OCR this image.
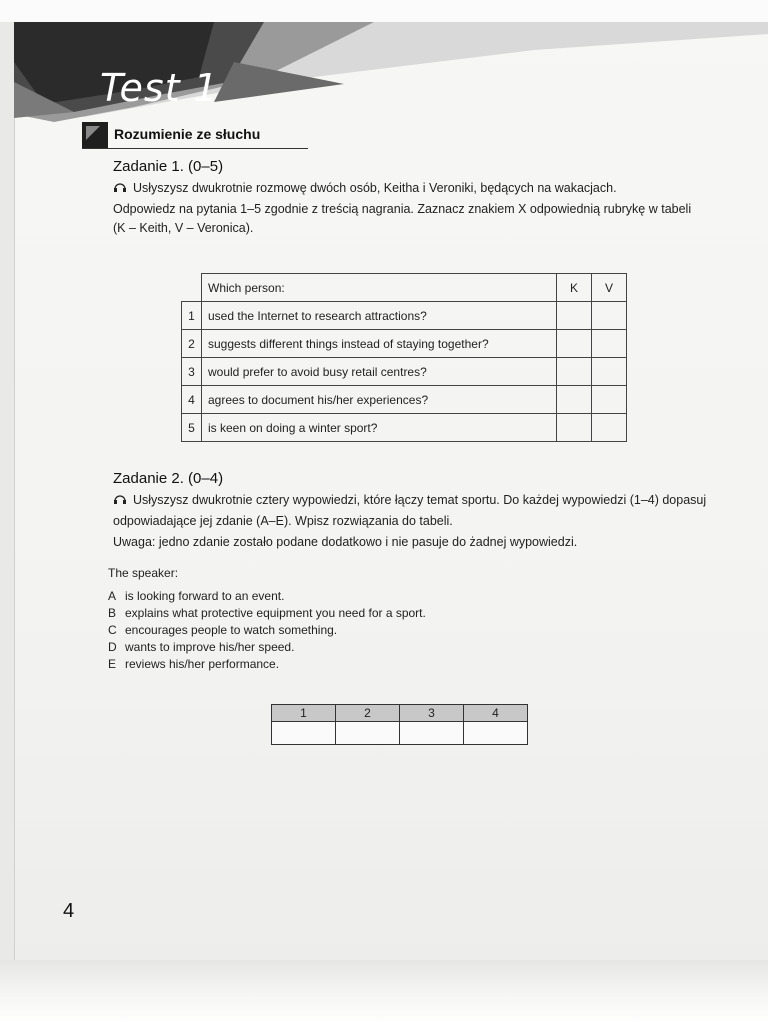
Test 1
Rozumienie ze słuchu
Zadanie 1. (0–5)
Usłyszysz dwukrotnie rozmowę dwóch osób, Keitha i Veroniki, będących na wakacjach.
Odpowiedz na pytania 1–5 zgodnie z treścią nagrania. Zaznacz znakiem X odpowiednią rubrykę w tabeli
(K – Keith, V – Veronica).
	Which person:	K	V
1	used the Internet to research attractions?		
2	suggests different things instead of staying together?		
3	would prefer to avoid busy retail centres?		
4	agrees to document his/her experiences?		
5	is keen on doing a winter sport?		
Zadanie 2. (0–4)
Usłyszysz dwukrotnie cztery wypowiedzi, które łączy temat sportu. Do każdej wypowiedzi (1–4) dopasuj
odpowiadające jej zdanie (A–E). Wpisz rozwiązania do tabeli.
Uwaga: jedno zdanie zostało podane dodatkowo i nie pasuje do żadnej wypowiedzi.
The speaker:
A is looking forward to an event.
B explains what protective equipment you need for a sport.
C encourages people to watch something.
D wants to improve his/her speed.
E reviews his/her performance.
1	2	3	4

4
